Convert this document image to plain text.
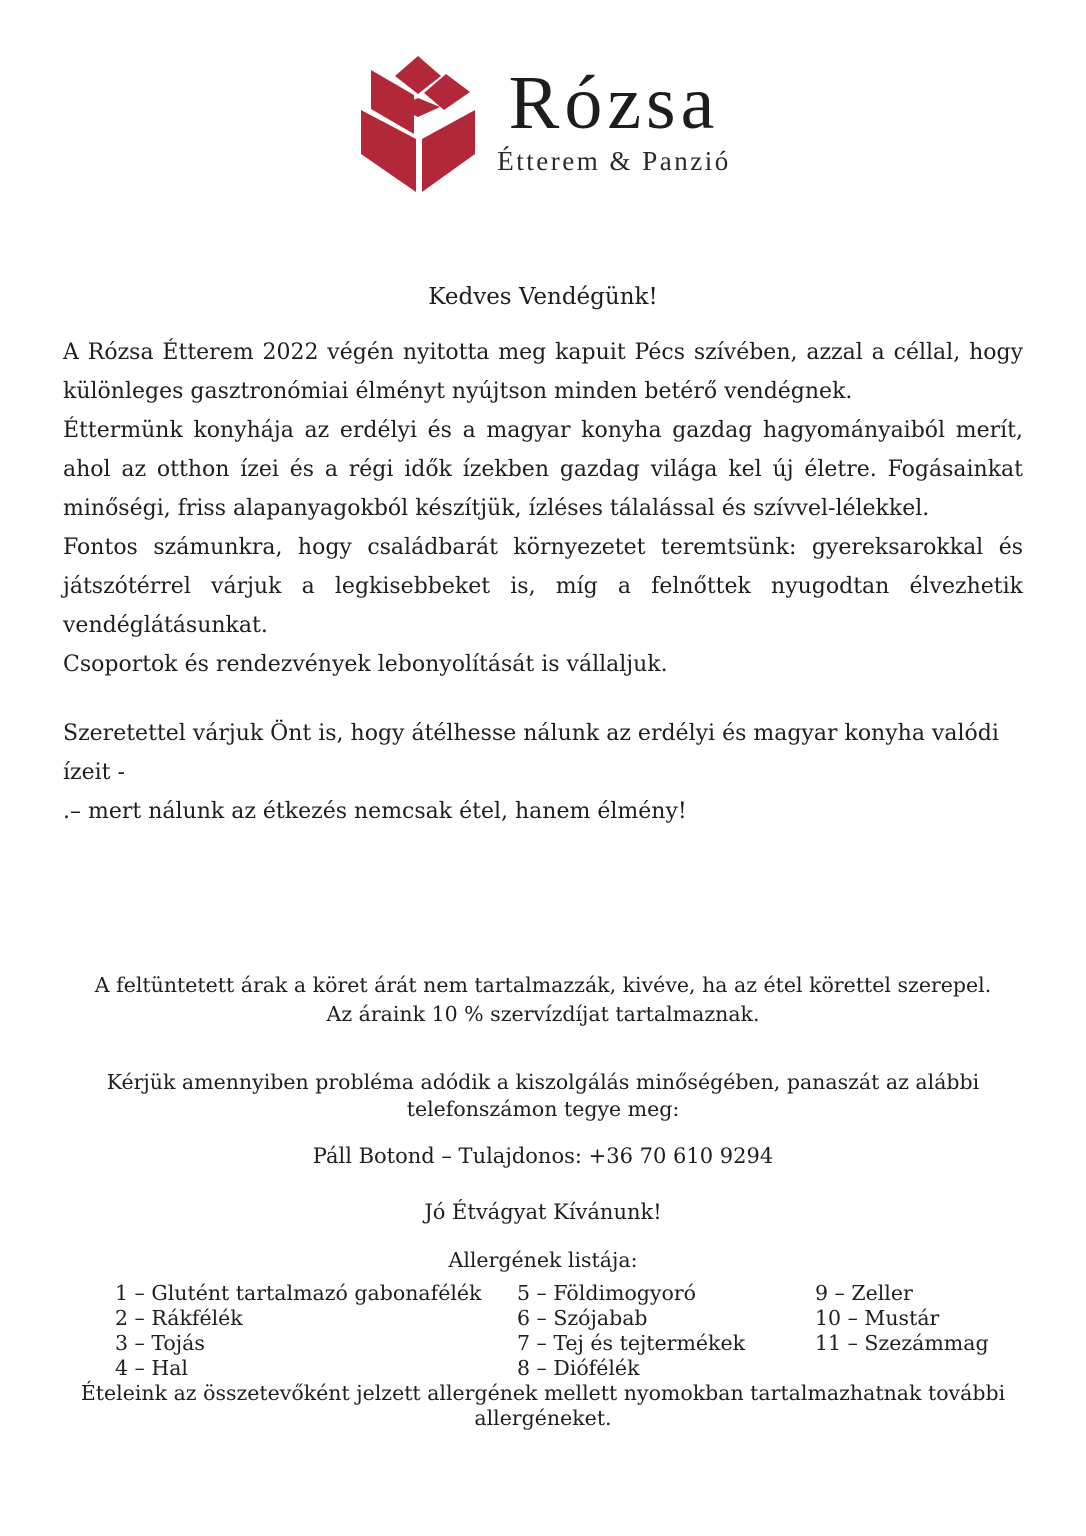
Rózsa
Étterem & Panzió
Kedves Vendégünk!

A Rózsa Étterem 2022 végén nyitotta meg kapuit Pécs szívében, azzal a céllal, hogy különleges gasztronómiai élményt nyújtson minden betérő vendégnek.

Éttermünk konyhája az erdélyi és a magyar konyha gazdag hagyományaiból merít, ahol az otthon ízei és a régi idők ízekben gazdag világa kel új életre. Fogásainkat minőségi, friss alapanyagokból készítjük, ízléses tálalással és szívvel-lélekkel.

Fontos számunkra, hogy családbarát környezetet teremtsünk: gyereksarokkal és játszótérrel várjuk a legkisebbeket is, míg a felnőttek nyugodtan élvezhetik vendéglátásunkat.

Csoportok és rendezvények lebonyolítását is vállaljuk.

Szeretettel várjuk Önt is, hogy átélhesse nálunk az erdélyi és magyar konyha valódi ízeit -

.– mert nálunk az étkezés nemcsak étel, hanem élmény!

A feltüntetett árak a köret árát nem tartalmazzák, kivéve, ha az étel körettel szerepel.
Az áraink 10 % szervízdíjat tartalmaznak.

Kérjük amennyiben probléma adódik a kiszolgálás minőségében, panaszát az alábbi telefonszámon tegye meg:

Páll Botond – Tulajdonos: +36 70 610 9294

Jó Étvágyat Kívánunk!

Allergének listája:
1 – Glutént tartalmazó gabonafélék
2 – Rákfélék
3 – Tojás
4 – Hal
5 – Földimogyoró
6 – Szójabab
7 – Tej és tejtermékek
8 – Diófélék
9 – Zeller
10 – Mustár
11 – Szezámmag

Ételeink az összetevőként jelzett allergének mellett nyomokban tartalmazhatnak további allergéneket.
